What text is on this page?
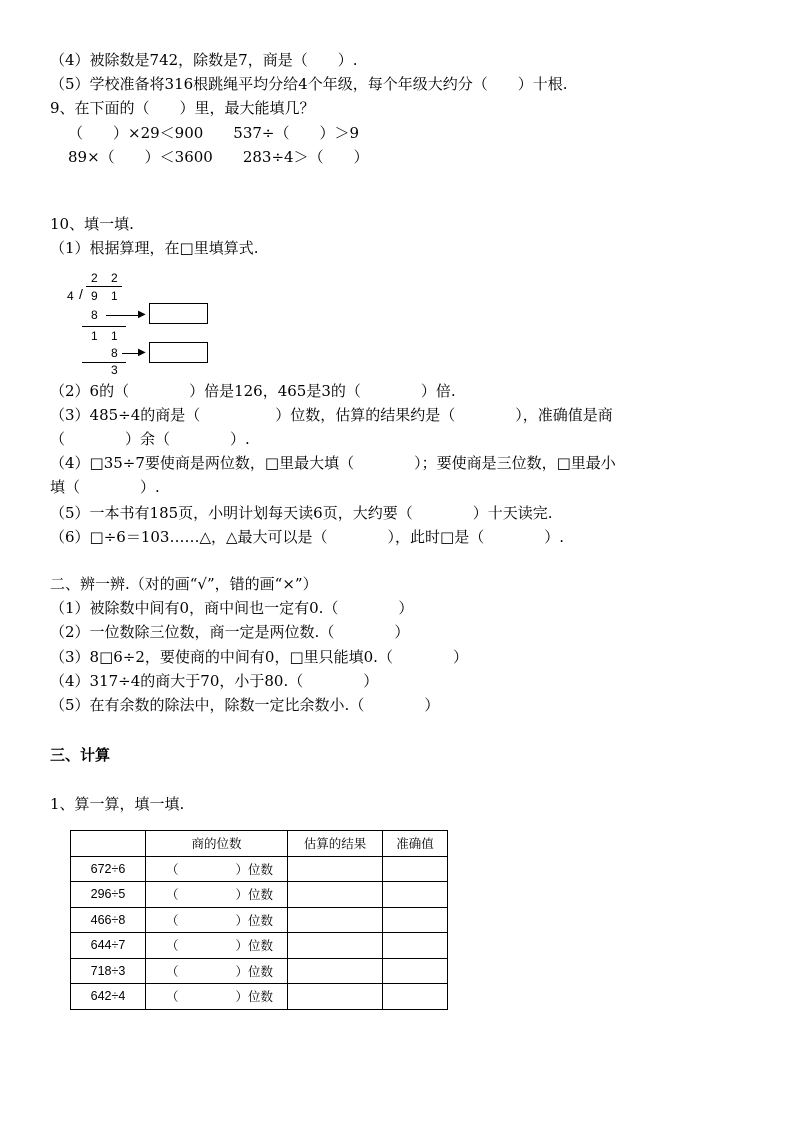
（4）被除数是742，除数是7，商是（　　）.
（5）学校准备将316根跳绳平均分给4个年级，每个年级大约分（　　）十根.
9、在下面的（　　）里，最大能填几？
（　　）×29＜900　　537÷（　　）＞9
89×（　　）＜3600　　283÷4＞（　　）
10、填一填.
（1）根据算理，在□里填算式.
2 2
4 / 9 1
8	▶
1 1
8 ▶
3
（2）6的（　　　　）倍是126，465是3的（　　　　）倍.
（3）485÷4的商是（　　　　　）位数，估算的结果约是（　　　　），准确值是商
（　　　　）余（　　　　）.
（4）□35÷7要使商是两位数，□里最大填（　　　　）；要使商是三位数，□里最小
填（　　　　）.
（5）一本书有185页，小明计划每天读6页，大约要（　　　　）十天读完.
（6）□÷6＝103……△，△最大可以是（　　　　），此时□是（　　　　）.
二、辨一辨.（对的画“√”，错的画“×”）
（1）被除数中间有0，商中间也一定有0.（　　　　）
（2）一位数除三位数，商一定是两位数.（　　　　）
（3）8□6÷2，要使商的中间有0，□里只能填0.（　　　　）
（4）317÷4的商大于70，小于80.（　　　　）
（5）在有余数的除法中，除数一定比余数小.（　　　　）
三、计算
1、算一算，填一填.
	商的位数	估算的结果	准确值
672÷6	（ ）位数		

296÷5	（ ）位数		

466÷8	（ ）位数		

644÷7	（ ）位数		

718÷3	（ ）位数		

642÷4	（ ）位数		
